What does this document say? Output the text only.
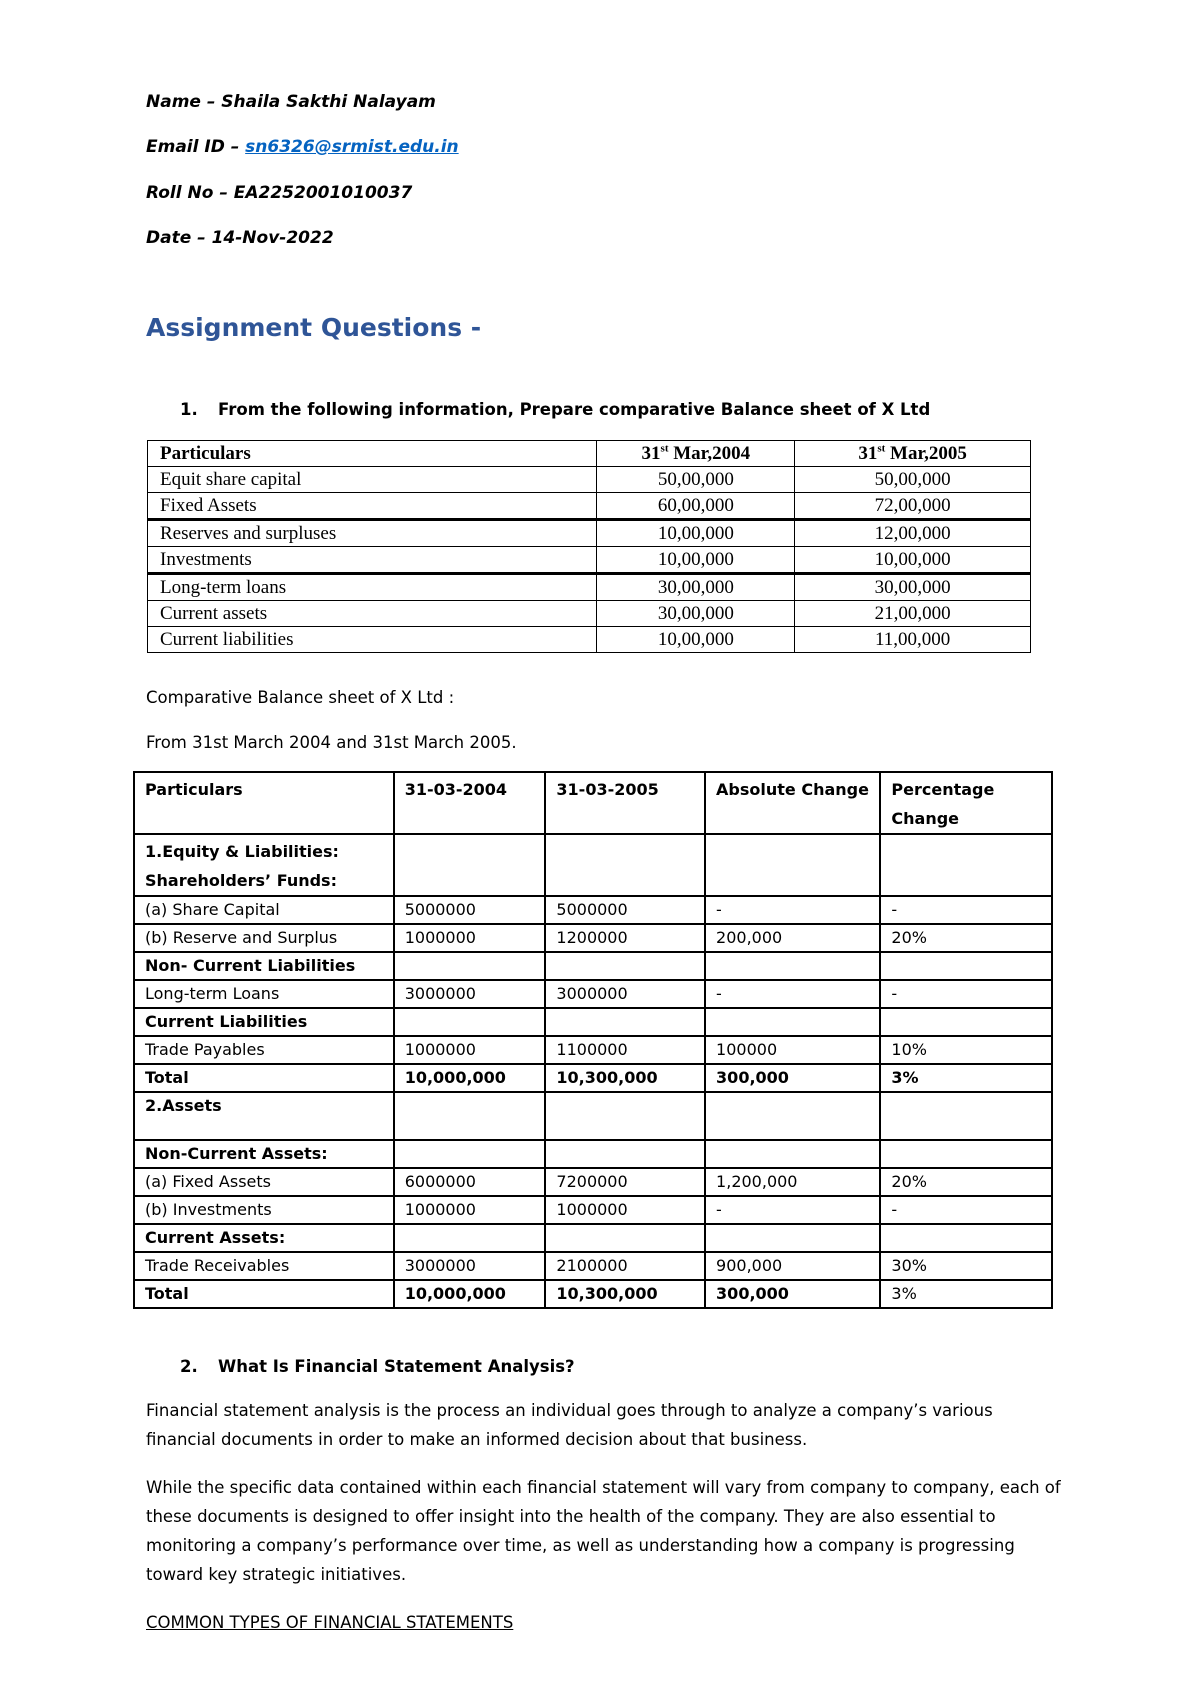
Name – Shaila Sakthi Nalayam
Email ID – sn6326@srmist.edu.in
Roll No – EA2252001010037
Date – 14-Nov-2022
Assignment Questions -
1. From the following information, Prepare comparative Balance sheet of X Ltd
Particulars	31st Mar,2004	31st Mar,2005
Equit share capital	50,00,000	50,00,000
Fixed Assets	60,00,000	72,00,000
Reserves and surpluses	10,00,000	12,00,000
Investments	10,00,000	10,00,000
Long-term loans	30,00,000	30,00,000
Current assets	30,00,000	21,00,000
Current liabilities	10,00,000	11,00,000
Comparative Balance sheet of X Ltd :
From 31st March 2004 and 31st March 2005.
Particulars	31-03-2004	31-03-2005	Absolute Change	Percentage Change
1.Equity & Liabilities: Shareholders’ Funds:				
(a) Share Capital	5000000	5000000	-	-
(b) Reserve and Surplus	1000000	1200000	200,000	20%
Non- Current Liabilities				
Long-term Loans	3000000	3000000	-	-
Current Liabilities				
Trade Payables	1000000	1100000	100000	10%
Total	10,000,000	10,300,000	300,000	3%
2.Assets				
Non-Current Assets:				
(a) Fixed Assets	6000000	7200000	1,200,000	20%
(b) Investments	1000000	1000000	-	-
Current Assets:				
Trade Receivables	3000000	2100000	900,000	30%
Total	10,000,000	10,300,000	300,000	3%
2. What Is Financial Statement Analysis?
Financial statement analysis is the process an individual goes through to analyze a company’s various financial documents in order to make an informed decision about that business.
While the specific data contained within each financial statement will vary from company to company, each of these documents is designed to offer insight into the health of the company. They are also essential to monitoring a company’s performance over time, as well as understanding how a company is progressing toward key strategic initiatives.
COMMON TYPES OF FINANCIAL STATEMENTS
